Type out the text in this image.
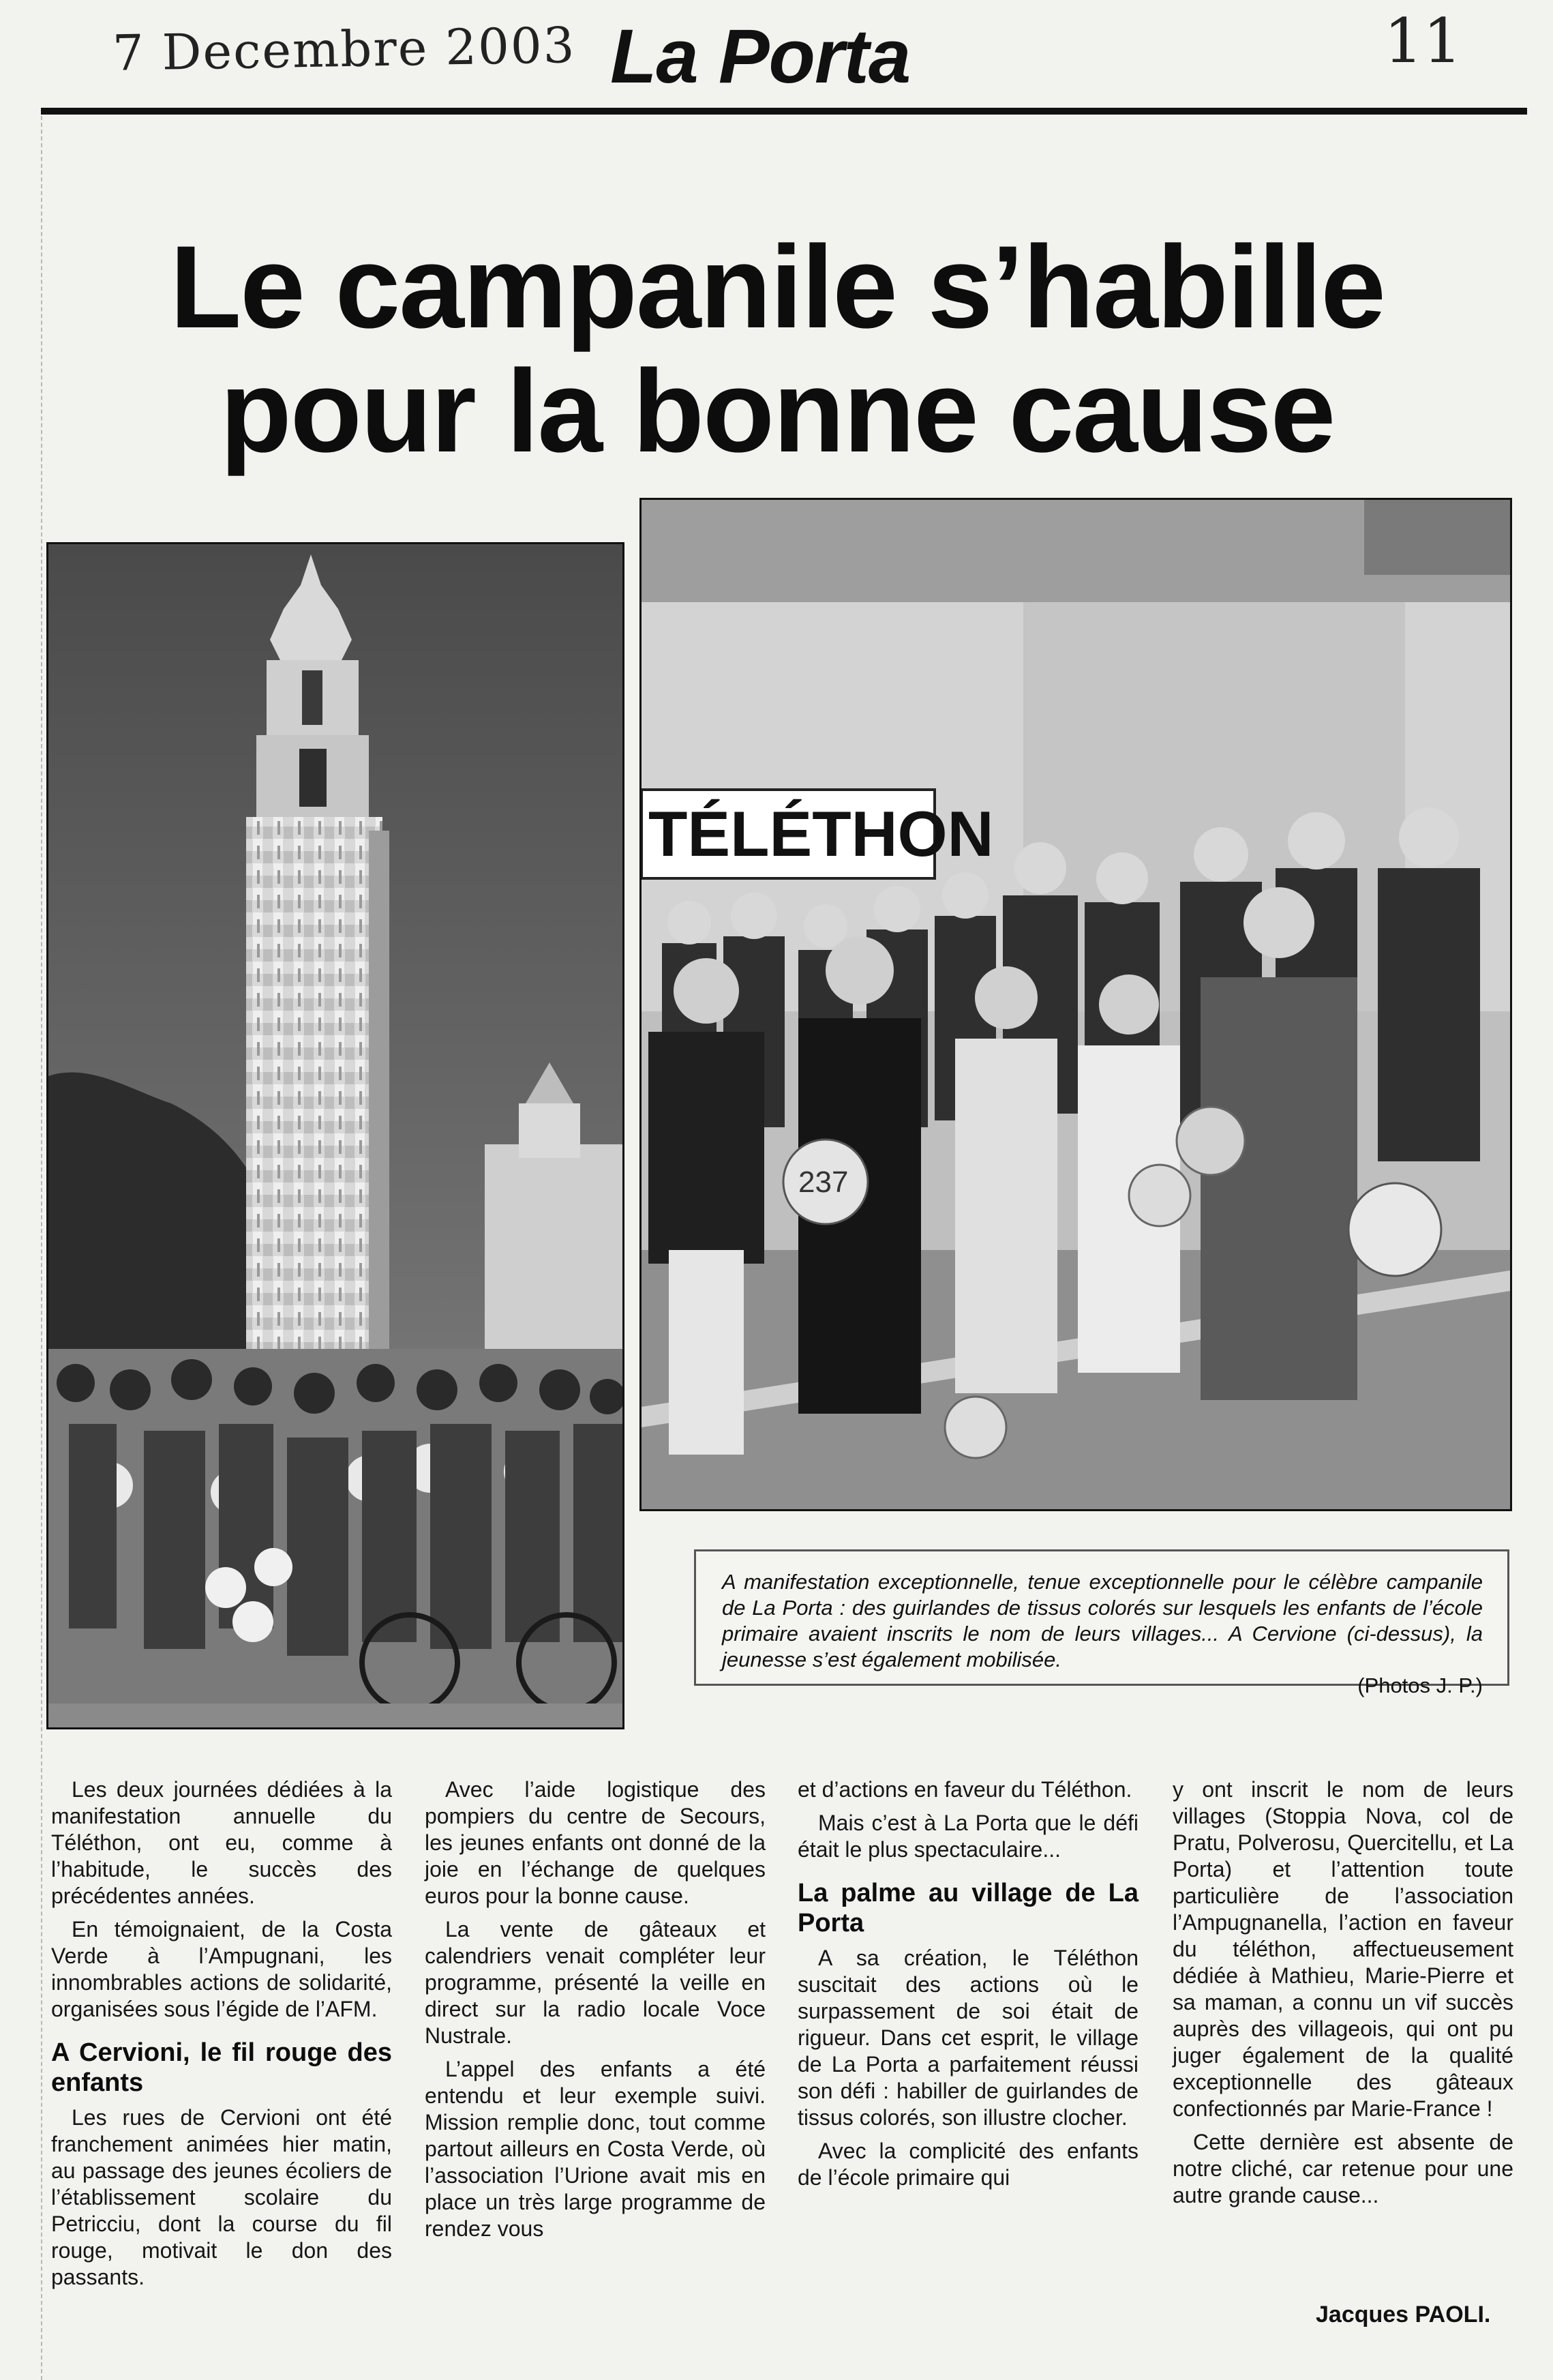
7 Decembre 2003 La Porta	11
Le campanile s’habille
pour la bonne cause
TÉLÉTHON
237
A manifestation exceptionnelle, tenue exceptionnelle pour le célèbre campanile de La Porta : des guirlandes de tissus colorés sur lesquels les enfants de l’école primaire avaient inscrits le nom de leurs villages... A Cervione (ci-dessus), la jeunesse s’est également mobilisée.
(Photos J. P.)

Les deux journées dédiées à la manifestation annuelle du Téléthon, ont eu, comme à l’habitude, le succès des précédentes années.

En témoignaient, de la Costa Verde à l’Ampugnani, les innombrables actions de solidarité, organisées sous l’égide de l’AFM.

A Cervioni, le fil rouge des enfants

Les rues de Cervioni ont été franchement animées hier matin, au passage des jeunes écoliers de l’établissement scolaire du Petricciu, dont la course du fil rouge, motivait le don des passants.

Avec l’aide logistique des pompiers du centre de Secours, les jeunes enfants ont donné de la joie en l’échange de quelques euros pour la bonne cause.

La vente de gâteaux et calendriers venait compléter leur programme, présenté la veille en direct sur la radio locale Voce Nustrale.

L’appel des enfants a été entendu et leur exemple suivi. Mission remplie donc, tout comme partout ailleurs en Costa Verde, où l’association l’Urione avait mis en place un très large programme de rendez vous

et d’actions en faveur du Téléthon.

Mais c’est à La Porta que le défi était le plus spectaculaire...

La palme au village de La Porta

A sa création, le Téléthon suscitait des actions où le surpassement de soi était de rigueur. Dans cet esprit, le village de La Porta a parfaitement réussi son défi : habiller de guirlandes de tissus colorés, son illustre clocher.

Avec la complicité des enfants de l’école primaire qui

y ont inscrit le nom de leurs villages (Stoppia Nova, col de Pratu, Polverosu, Quercitellu, et La Porta) et l’attention toute particulière de l’association l’Ampugnanella, l’action en faveur du téléthon, affectueusement dédiée à Mathieu, Marie-Pierre et sa maman, a connu un vif succès auprès des villageois, qui ont pu juger également de la qualité exceptionnelle des gâteaux confectionnés par Marie-France !

Cette dernière est absente de notre cliché, car retenue pour une autre grande cause...

Jacques PAOLI.
